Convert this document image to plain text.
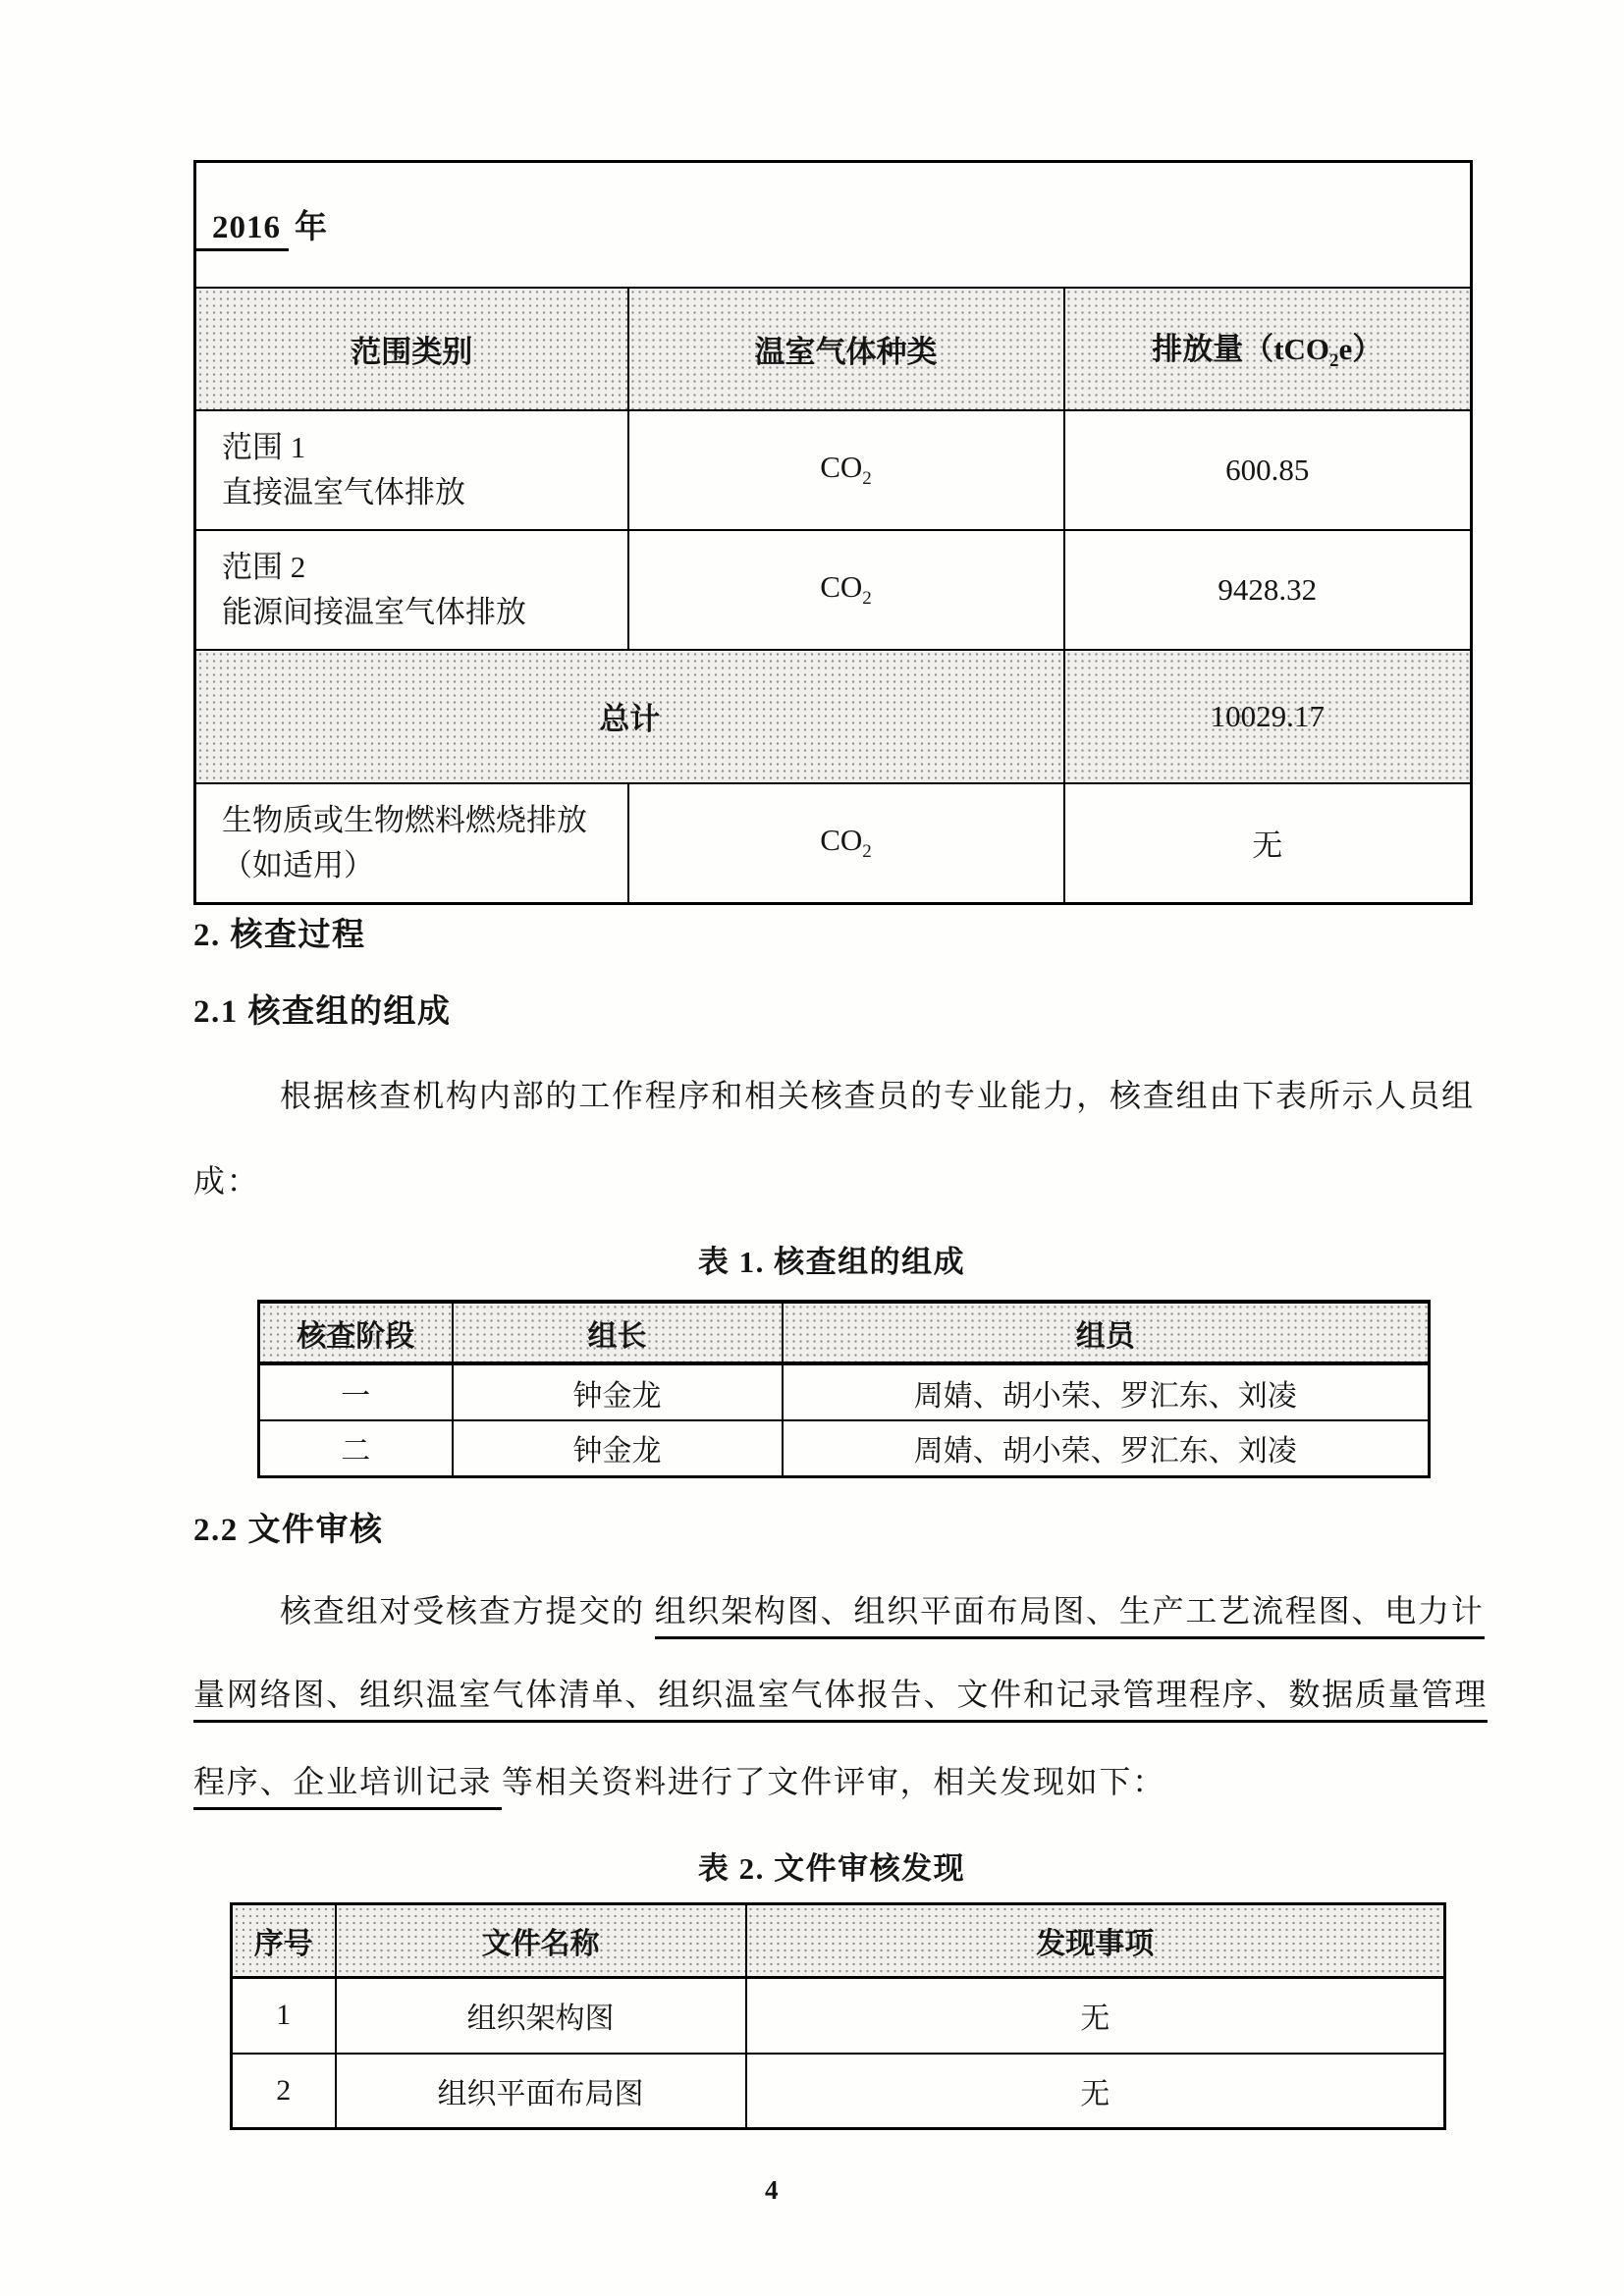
2016 年		
范围类别	温室气体种类	排放量（tCO$_2$e）

范围 1
直接温室气体排放	$CO_2$	600.85

范围 2
能源间接温室气体排放	$CO_2$	9428.32
总计		10029.17

生物质或生物燃料燃烧排放
（如适用）	$CO_2$	无
2. 核查过程
2.1 核查组的组成
根据核查机构内部的工作程序和相关核查员的专业能力，核查组由下表所示人员组
成：
表 1. 核查组的组成
核查阶段	组长	组员
一	钟金龙	周婧、胡小荣、罗汇东、刘凌
二	钟金龙	周婧、胡小荣、罗汇东、刘凌
2.2 文件审核
核查组对受核查方提交的 组织架构图、组织平面布局图、生产工艺流程图、电力计
量网络图、组织温室气体清单、组织温室气体报告、文件和记录管理程序、数据质量管理
程序、企业培训记录 等相关资料进行了文件评审，相关发现如下：
表 2. 文件审核发现
序号	文件名称	发现事项
1	组织架构图	无
2	组织平面布局图	无
4
